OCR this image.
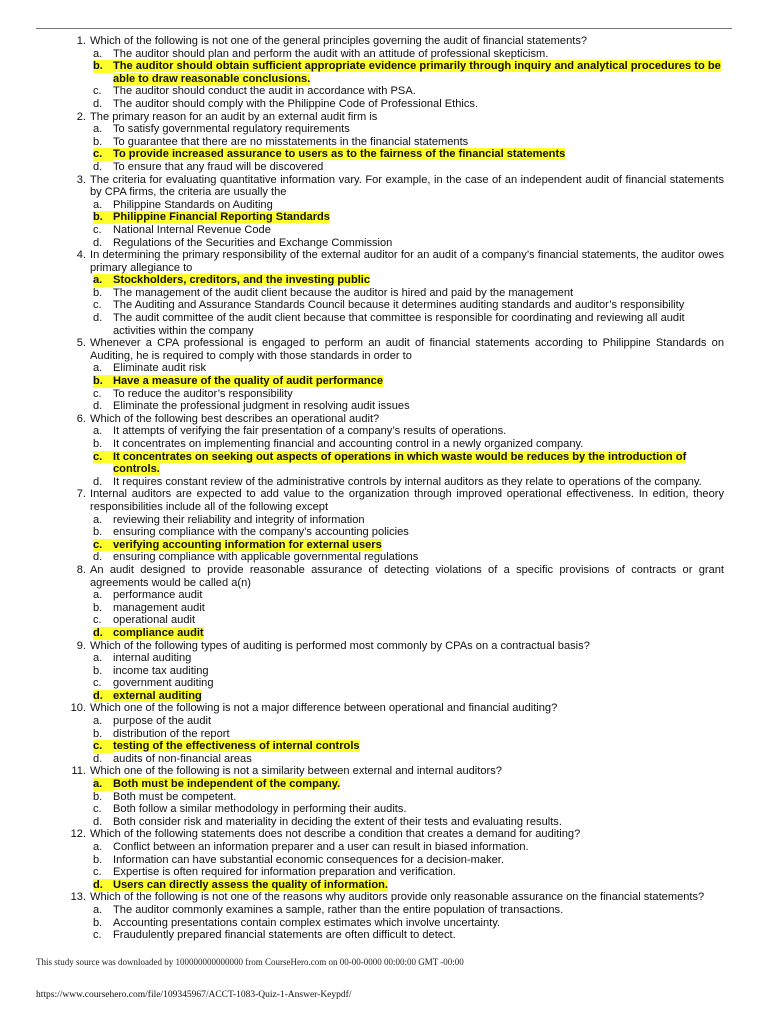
1. Which of the following is not one of the general principles governing the audit of financial statements?
a. The auditor should plan and perform the audit with an attitude of professional skepticism.
b. The auditor should obtain sufficient appropriate evidence primarily through inquiry and analytical procedures to be able to draw reasonable conclusions.
c.	The auditor should conduct the audit in accordance with PSA.
d. The auditor should comply with the Philippine Code of Professional Ethics.
2. The primary reason for an audit by an external audit firm is
a. To satisfy governmental regulatory requirements
b. To guarantee that there are no misstatements in the financial statements
c. To provide increased assurance to users as to the fairness of the financial statements
d. To ensure that any fraud will be discovered
3. The criteria for evaluating quantitative information vary. For example, in the case of an independent audit of financial statements by CPA firms, the criteria are usually the
a. Philippine Standards on Auditing
b. Philippine Financial Reporting Standards
c.	National Internal Revenue Code
d. Regulations of the Securities and Exchange Commission
4. In determining the primary responsibility of the external auditor for an audit of a company’s financial statements, the auditor owes primary allegiance to
a. Stockholders, creditors, and the investing public
b. The management of the audit client because the auditor is hired and paid by the management
c.	The Auditing and Assurance Standards Council because it determines auditing standards and auditor’s responsibility
d. The audit committee of the audit client because that committee is responsible for coordinating and reviewing all audit activities within the company
5. Whenever a CPA professional is engaged to perform an audit of financial statements according to Philippine Standards on Auditing, he is required to comply with those standards in order to
a. Eliminate audit risk
b. Have a measure of the quality of audit performance
c.	To reduce the auditor’s responsibility
d. Eliminate the professional judgment in resolving audit issues
6. Which of the following best describes an operational audit?
a. It attempts of verifying the fair presentation of a company’s results of operations.
b. It concentrates on implementing financial and accounting control in a newly organized company.
c. It concentrates on seeking out aspects of operations in which waste would be reduces by the introduction of controls.
d. It requires constant review of the administrative controls by internal auditors as they relate to operations of the company.
7. Internal auditors are expected to add value to the organization through improved operational effectiveness. In edition, theory responsibilities include all of the following except
a. reviewing their reliability and integrity of information
b. ensuring compliance with the company’s accounting policies
c. verifying accounting information for external users
d. ensuring compliance with applicable governmental regulations
8. An audit designed to provide reasonable assurance of detecting violations of a specific provisions of contracts or grant agreements would be called a(n)
a. performance audit
b. management audit
c.	operational audit
d. compliance audit
9. Which of the following types of auditing is performed most commonly by CPAs on a contractual basis?
a. internal auditing
b. income tax auditing
c.	government auditing
d. external auditing
10. Which one of the following is not a major difference between operational and financial auditing?
a. purpose of the audit
b. distribution of the report
c. testing of the effectiveness of internal controls
d. audits of non-financial areas
11. Which one of the following is not a similarity between external and internal auditors?
a. Both must be independent of the company.
b. Both must be competent.
c.	Both follow a similar methodology in performing their audits.
d. Both consider risk and materiality in deciding the extent of their tests and evaluating results.
12. Which of the following statements does not describe a condition that creates a demand for auditing?
a. Conflict between an information preparer and a user can result in biased information.
b. Information can have substantial economic consequences for a decision-maker.
c.	Expertise is often required for information preparation and verification.
d. Users can directly assess the quality of information.
13. Which of the following is not one of the reasons why auditors provide only reasonable assurance on the financial statements?
a. The auditor commonly examines a sample, rather than the entire population of transactions.
b. Accounting presentations contain complex estimates which involve uncertainty.
c.	Fraudulently prepared financial statements are often difficult to detect.
This study source was downloaded by 100000000000000 from CourseHero.com on 00-00-0000 00:00:00 GMT -00:00
https://www.coursehero.com/file/109345967/ACCT-1083-Quiz-1-Answer-Keypdf/
